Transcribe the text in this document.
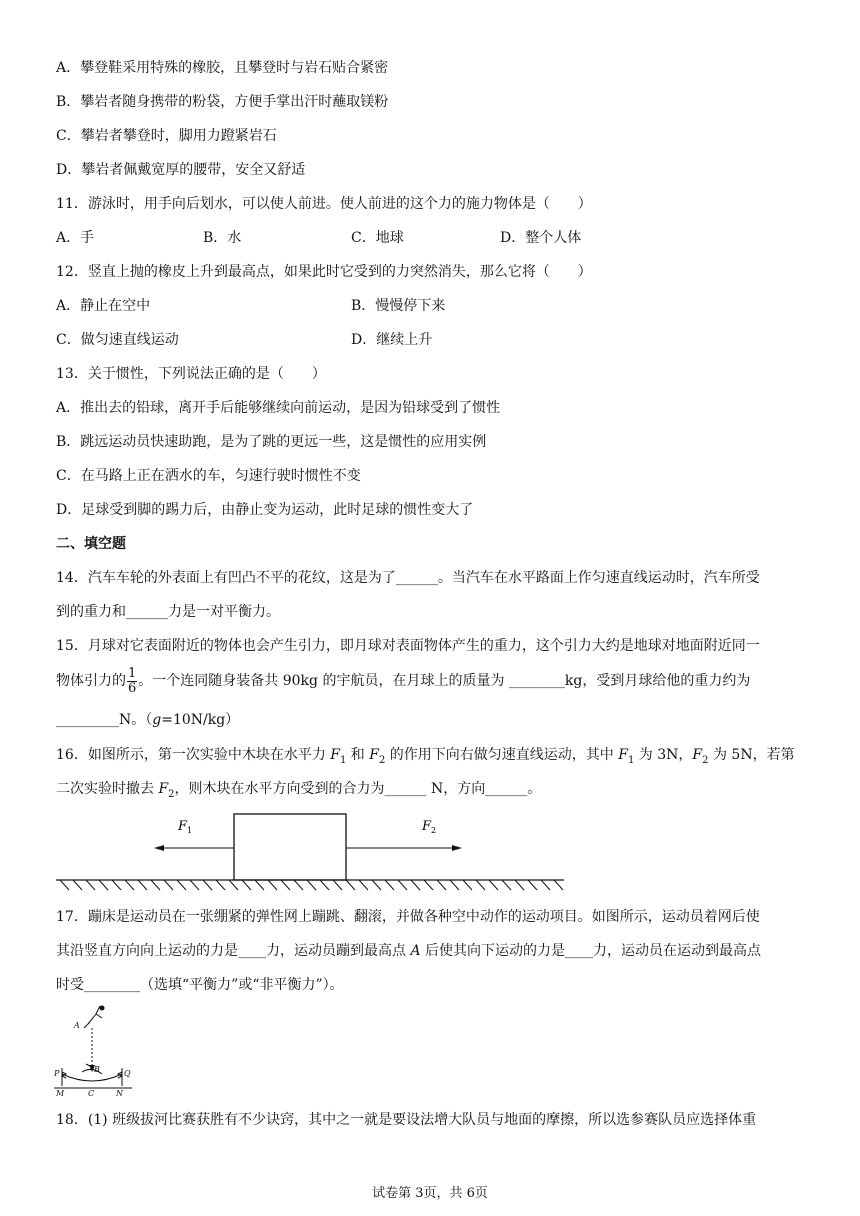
A．攀登鞋采用特殊的橡胶，且攀登时与岩石贴合紧密
B．攀岩者随身携带的粉袋，方便手掌出汗时蘸取镁粉
C．攀岩者攀登时，脚用力蹬紧岩石
D．攀岩者佩戴宽厚的腰带，安全又舒适
11．游泳时，用手向后划水，可以使人前进。使人前进的这个力的施力物体是（　　）
A．手	B．水	C．地球	D．整个人体
12．竖直上抛的橡皮上升到最高点，如果此时它受到的力突然消失，那么它将（　　）
A．静止在空中	B．慢慢停下来
C．做匀速直线运动	D．继续上升
13．关于惯性，下列说法正确的是（　　）
A．推出去的铅球，离开手后能够继续向前运动，是因为铅球受到了惯性
B．跳远运动员快速助跑，是为了跳的更远一些，这是惯性的应用实例
C．在马路上正在洒水的车，匀速行驶时惯性不变
D．足球受到脚的踢力后，由静止变为运动，此时足球的惯性变大了
二、填空题
14．汽车车轮的外表面上有凹凸不平的花纹，这是为了______。当汽车在水平路面上作匀速直线运动时，汽车所受
到的重力和______力是一对平衡力。
15．月球对它表面附近的物体也会产生引力，即月球对表面物体产生的重力，这个引力大约是地球对地面附近同一
物体引力的 $\frac{1}{6}$ 。一个连同随身装备共 90kg 的宇航员，在月球上的质量为 ________kg，受到月球给他的重力约为
_________N。（g=10N/kg）
16．如图所示，第一次实验中木块在水平力 $F_1$ 和 $F_2$ 的作用下向右做匀速直线运动，其中 $F_1$ 为 3N，$F_2$ 为 5N，若第
二次实验时撤去 $F_2$，则木块在水平方向受到的合力为______ N，方向______。
$F_1$	$F_2$
17．蹦床是运动员在一张绷紧的弹性网上蹦跳、翻滚，并做各种空中动作的运动项目。如图所示，运动员着网后使
其沿竖直方向向上运动的力是____力，运动员蹦到最高点 A 后使其向下运动的力是____力，运动员在运动到最高点
时受________（选填“平衡力”或“非平衡力”）。
A
B
P	Q
M	C	N
18．(1) 班级拔河比赛获胜有不少诀窍，其中之一就是要设法增大队员与地面的摩擦，所以选参赛队员应选择体重
试卷第 3页，共 6页
